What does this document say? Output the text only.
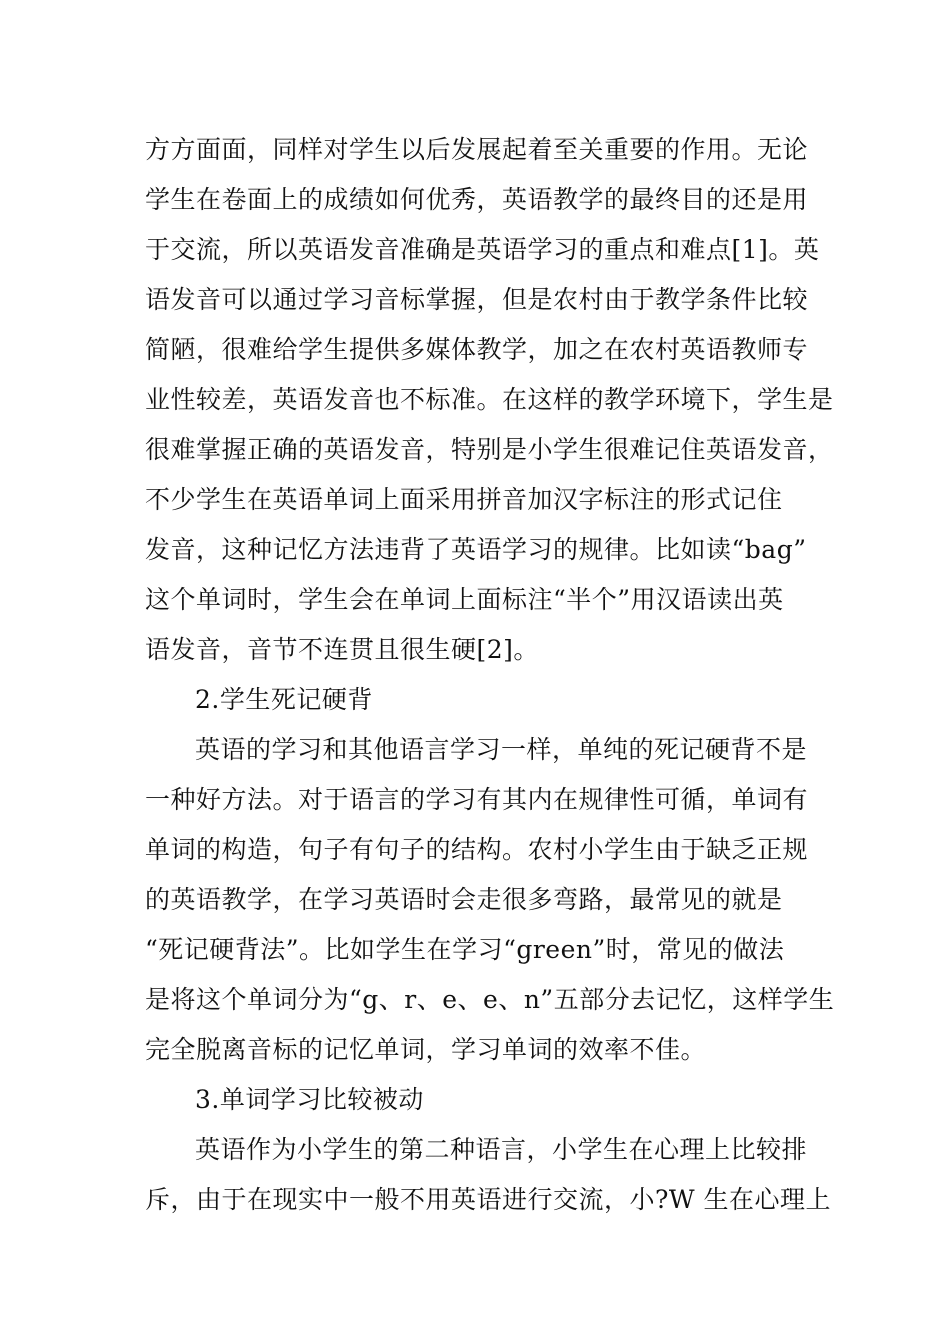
方方面面，同样对学生以后发展起着至关重要的作用。无论
学生在卷面上的成绩如何优秀，英语教学的最终目的还是用
于交流，所以英语发音准确是英语学习的重点和难点[1]。英
语发音可以通过学习音标掌握，但是农村由于教学条件比较
简陋，很难给学生提供多媒体教学，加之在农村英语教师专
业性较差，英语发音也不标准。在这样的教学环境下，学生是
很难掌握正确的英语发音，特别是小学生很难记住英语发音，
不少学生在英语单词上面采用拼音加汉字标注的形式记住
发音，这种记忆方法违背了英语学习的规律。比如读“bag”
这个单词时，学生会在单词上面标注“半个”用汉语读出英
语发音，音节不连贯且很生硬[2]。
2.学生死记硬背
英语的学习和其他语言学习一样，单纯的死记硬背不是
一种好方法。对于语言的学习有其内在规律性可循，单词有
单词的构造，句子有句子的结构。农村小学生由于缺乏正规
的英语教学，在学习英语时会走很多弯路，最常见的就是
“死记硬背法”。比如学生在学习“green”时，常见的做法
是将这个单词分为“g、r、e、e、n”五部分去记忆，这样学生
完全脱离音标的记忆单词，学习单词的效率不佳。
3.单词学习比较被动
英语作为小学生的第二种语言，小学生在心理上比较排
斥，由于在现实中一般不用英语进行交流，小?W 生在心理上
